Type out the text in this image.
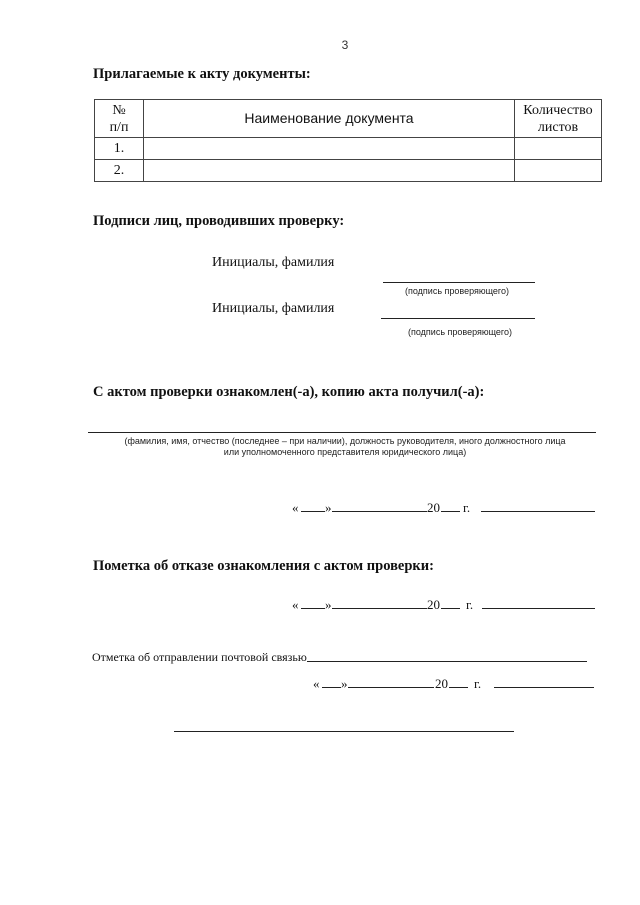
3
Прилагаемые к акту документы:
№
п/п	Наименование документа	Количество
листов
1.		
2.		
Подписи лиц, проводивших проверку:
Инициалы, фамилия
(подпись проверяющего)
Инициалы, фамилия
(подпись проверяющего)
С актом проверки ознакомлен(-а), копию акта получил(-а):
(фамилия, имя, отчество (последнее – при наличии), должность руководителя, иного должностного лица
или уполномоченного представителя юридического лица)
« »	20 г.
Пометка об отказе ознакомления с актом проверки:
« »	20 г.
Отметка об отправлении почтовой связью
« »	20 г.
